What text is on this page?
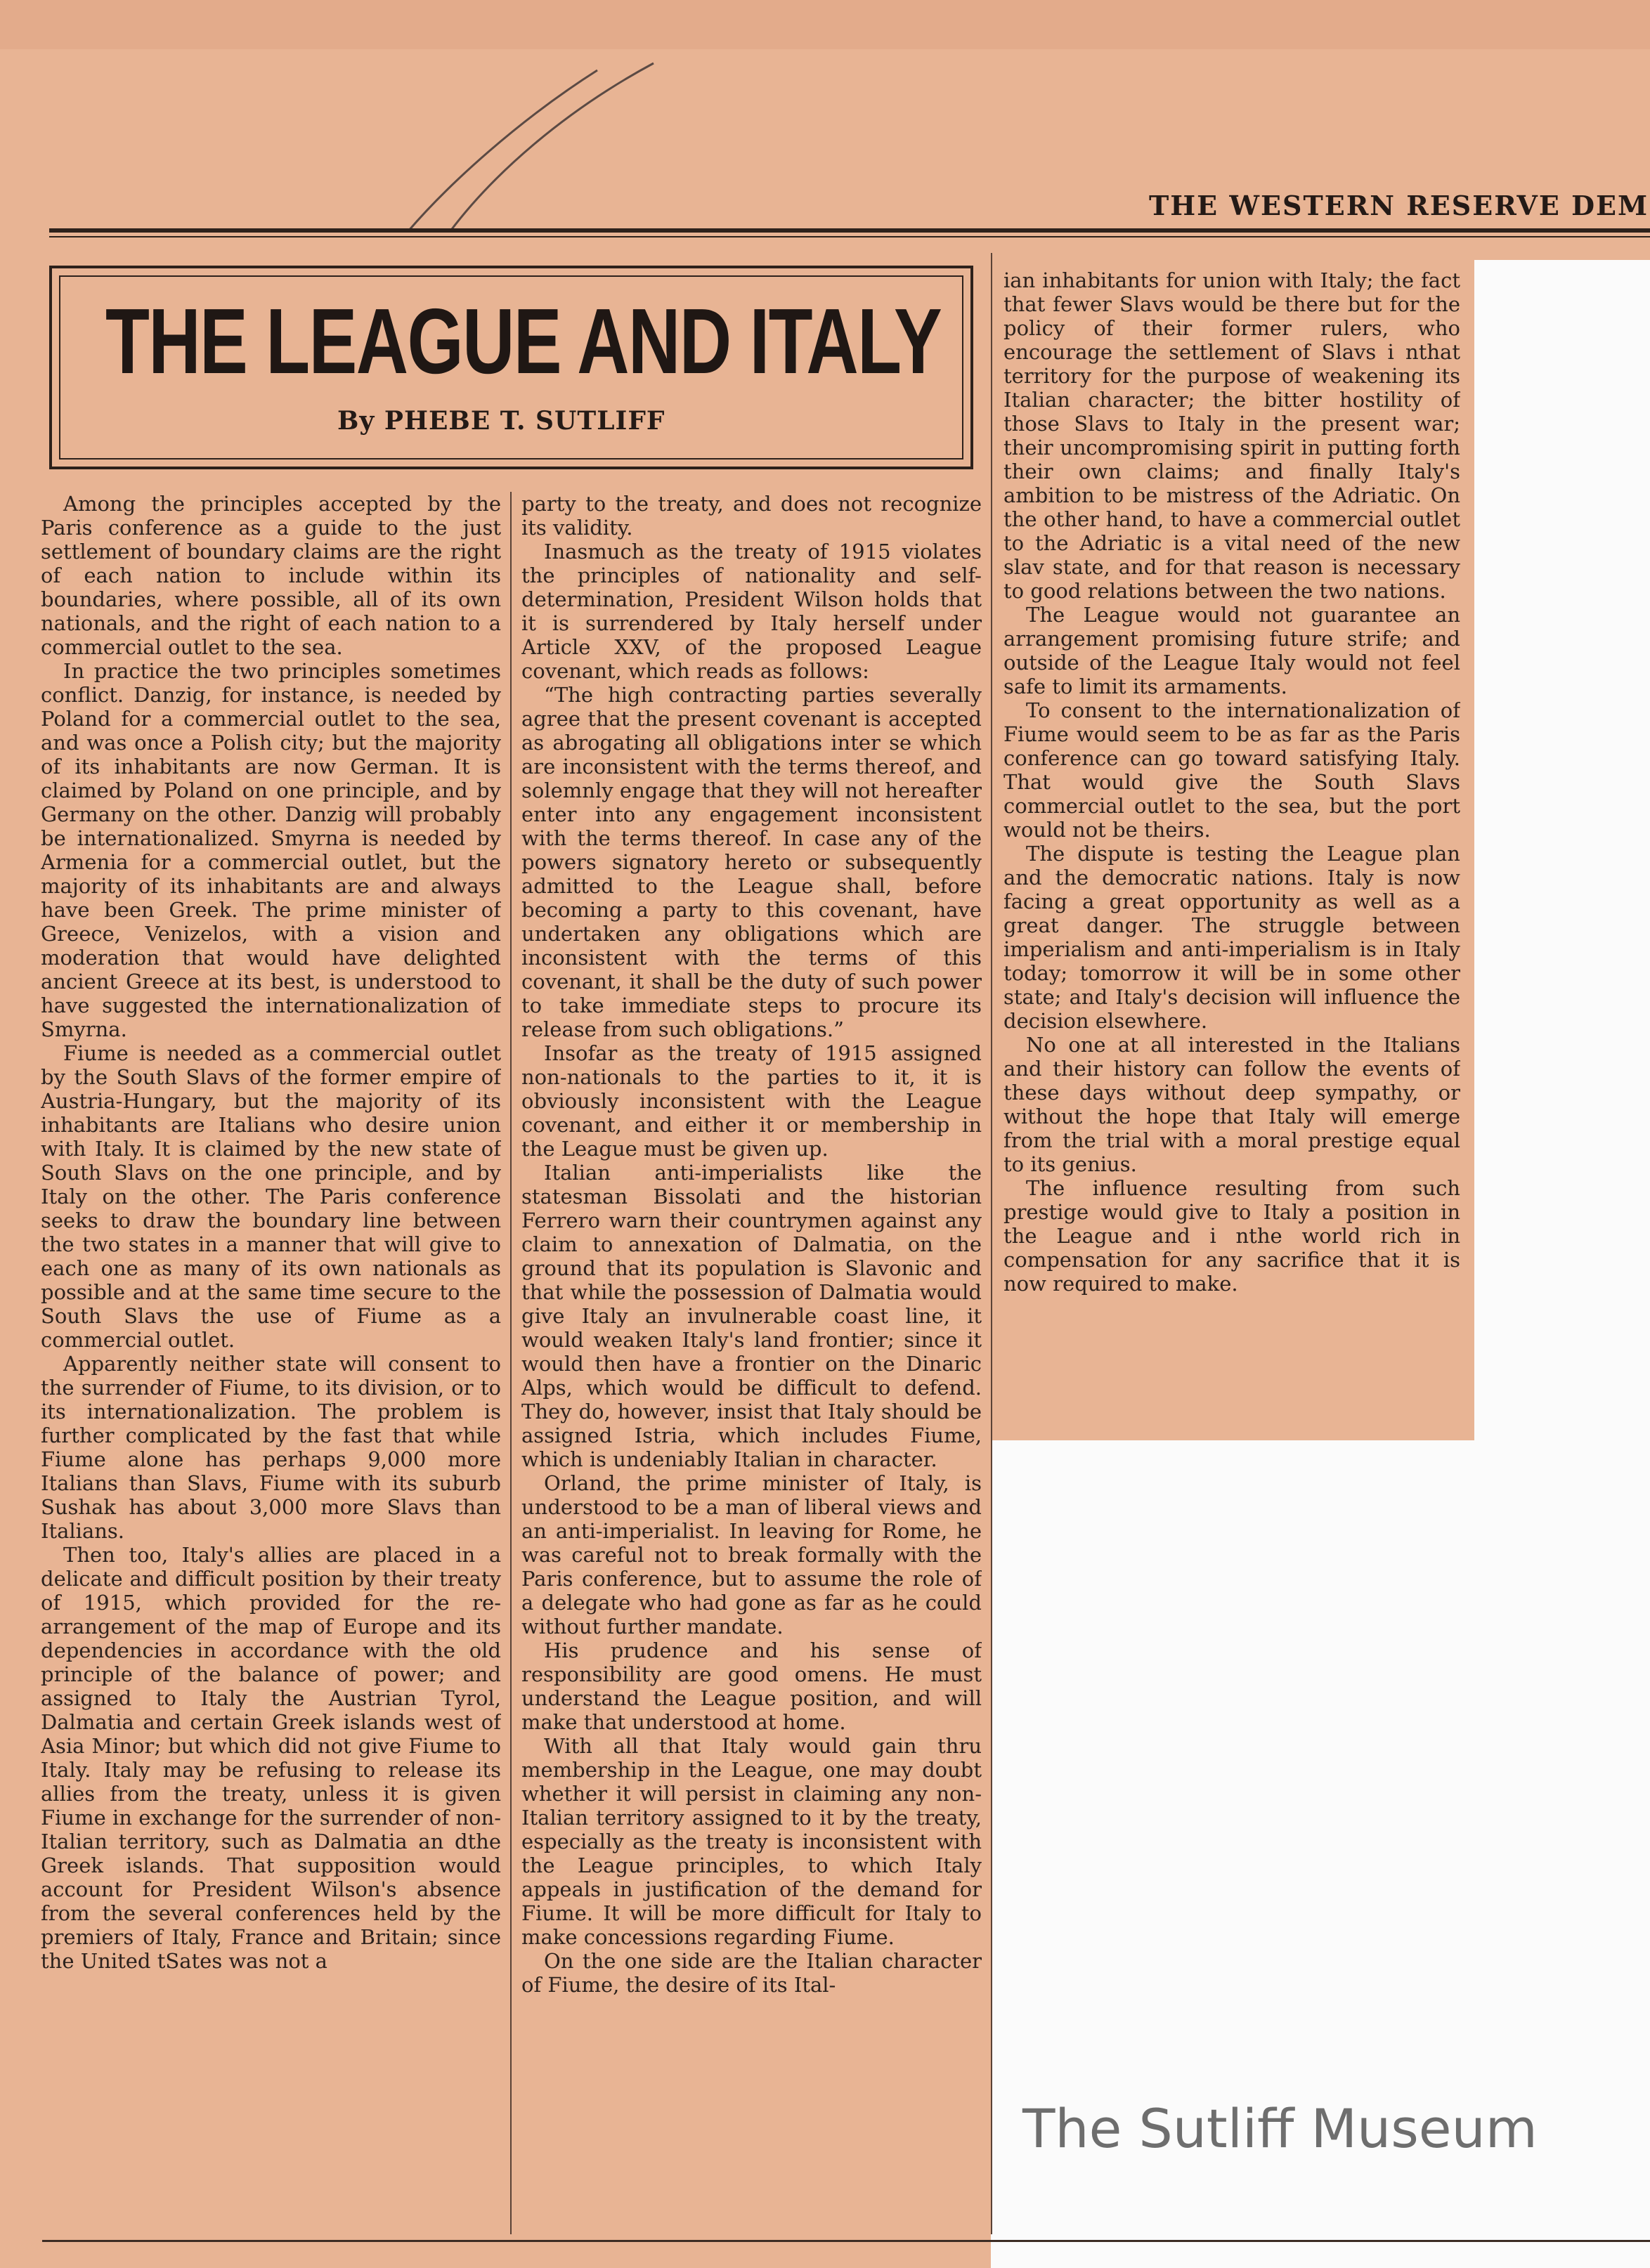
THE WESTERN RESERVE DEM
THE LEAGUE AND ITALY
By PHEBE T. SUTLIFF

Among the principles accepted by the Paris conference as a guide to the just settlement of boundary claims are the right of each nation to include within its boundaries, where possible, all of its own nationals, and the right of each nation to a commercial outlet to the sea.

In practice the two principles sometimes conflict. Danzig, for instance, is needed by Poland for a commercial outlet to the sea, and was once a Polish city; but the majority of its inhabitants are now German. It is claimed by Poland on one principle, and by Germany on the other. Danzig will probably be internationalized. Smyrna is needed by Armenia for a commercial outlet, but the majority of its inhabitants are and always have been Greek. The prime minister of Greece, Venizelos, with a vision and moderation that would have delighted ancient Greece at its best, is understood to have suggested the internationalization of Smyrna.

Fiume is needed as a commercial outlet by the South Slavs of the former empire of Austria-Hungary, but the majority of its inhabitants are Italians who desire union with Italy. It is claimed by the new state of South Slavs on the one principle, and by Italy on the other. The Paris conference seeks to draw the boundary line between the two states in a manner that will give to each one as many of its own nationals as possible and at the same time secure to the South Slavs the use of Fiume as a commercial outlet.

Apparently neither state will consent to the surrender of Fiume, to its division, or to its internationalization. The problem is further complicated by the fast that while Fiume alone has perhaps 9,000 more Italians than Slavs, Fiume with its suburb Sushak has about 3,000 more Slavs than Italians.

Then too, Italy's allies are placed in a delicate and difficult position by their treaty of 1915, which provided for the re-arrangement of the map of Europe and its dependencies in accordance with the old principle of the balance of power; and assigned to Italy the Austrian Tyrol, Dalmatia and certain Greek islands west of Asia Minor; but which did not give Fiume to Italy. Italy may be refusing to release its allies from the treaty, unless it is given Fiume in exchange for the surrender of non-Italian territory, such as Dalmatia an dthe Greek islands. That supposition would account for President Wilson's absence from the several conferences held by the premiers of Italy, France and Britain; since the United tSates was not a

party to the treaty, and does not recognize its validity.

Inasmuch as the treaty of 1915 violates the principles of nationality and self-determination, President Wilson holds that it is surrendered by Italy herself under Article XXV, of the proposed League covenant, which reads as follows:

“The high contracting parties severally agree that the present covenant is accepted as abrogating all obligations inter se which are inconsistent with the terms thereof, and solemnly engage that they will not hereafter enter into any engagement inconsistent with the terms thereof. In case any of the powers signatory hereto or subsequently admitted to the League shall, before becoming a party to this covenant, have undertaken any obligations which are inconsistent with the terms of this covenant, it shall be the duty of such power to take immediate steps to procure its release from such obligations.”

Insofar as the treaty of 1915 assigned non-nationals to the parties to it, it is obviously inconsistent with the League covenant, and either it or membership in the League must be given up.

Italian anti-imperialists like the statesman Bissolati and the historian Ferrero warn their countrymen against any claim to annexation of Dalmatia, on the ground that its population is Slavonic and that while the possession of Dalmatia would give Italy an invulnerable coast line, it would weaken Italy's land frontier; since it would then have a frontier on the Dinaric Alps, which would be difficult to defend. They do, however, insist that Italy should be assigned Istria, which includes Fiume, which is undeniably Italian in character.

Orland, the prime minister of Italy, is understood to be a man of liberal views and an anti-imperialist. In leaving for Rome, he was careful not to break formally with the Paris conference, but to assume the role of a delegate who had gone as far as he could without further mandate.

His prudence and his sense of responsibility are good omens. He must understand the League position, and will make that understood at home.

With all that Italy would gain thru membership in the League, one may doubt whether it will persist in claiming any non-Italian territory assigned to it by the treaty, especially as the treaty is inconsistent with the League principles, to which Italy appeals in justification of the demand for Fiume. It will be more difficult for Italy to make concessions regarding Fiume.

On the one side are the Italian character of Fiume, the desire of its Ital-

ian inhabitants for union with Italy; the fact that fewer Slavs would be there but for the policy of their former rulers, who encourage the settlement of Slavs i nthat territory for the purpose of weakening its Italian character; the bitter hostility of those Slavs to Italy in the present war; their uncompromising spirit in putting forth their own claims; and finally Italy's ambition to be mistress of the Adriatic. On the other hand, to have a commercial outlet to the Adriatic is a vital need of the new slav state, and for that reason is necessary to good relations between the two nations.

The League would not guarantee an arrangement promising future strife; and outside of the League Italy would not feel safe to limit its armaments.

To consent to the internationalization of Fiume would seem to be as far as the Paris conference can go toward satisfying Italy. That would give the South Slavs commercial outlet to the sea, but the port would not be theirs.

The dispute is testing the League plan and the democratic nations. Italy is now facing a great opportunity as well as a great danger. The struggle between imperialism and anti-imperialism is in Italy today; tomorrow it will be in some other state; and Italy's decision will influence the decision elsewhere.

No one at all interested in the Italians and their history can follow the events of these days without deep sympathy, or without the hope that Italy will emerge from the trial with a moral prestige equal to its genius.

The influence resulting from such prestige would give to Italy a position in the League and i nthe world rich in compensation for any sacrifice that it is now required to make.

The Sutliff Museum
